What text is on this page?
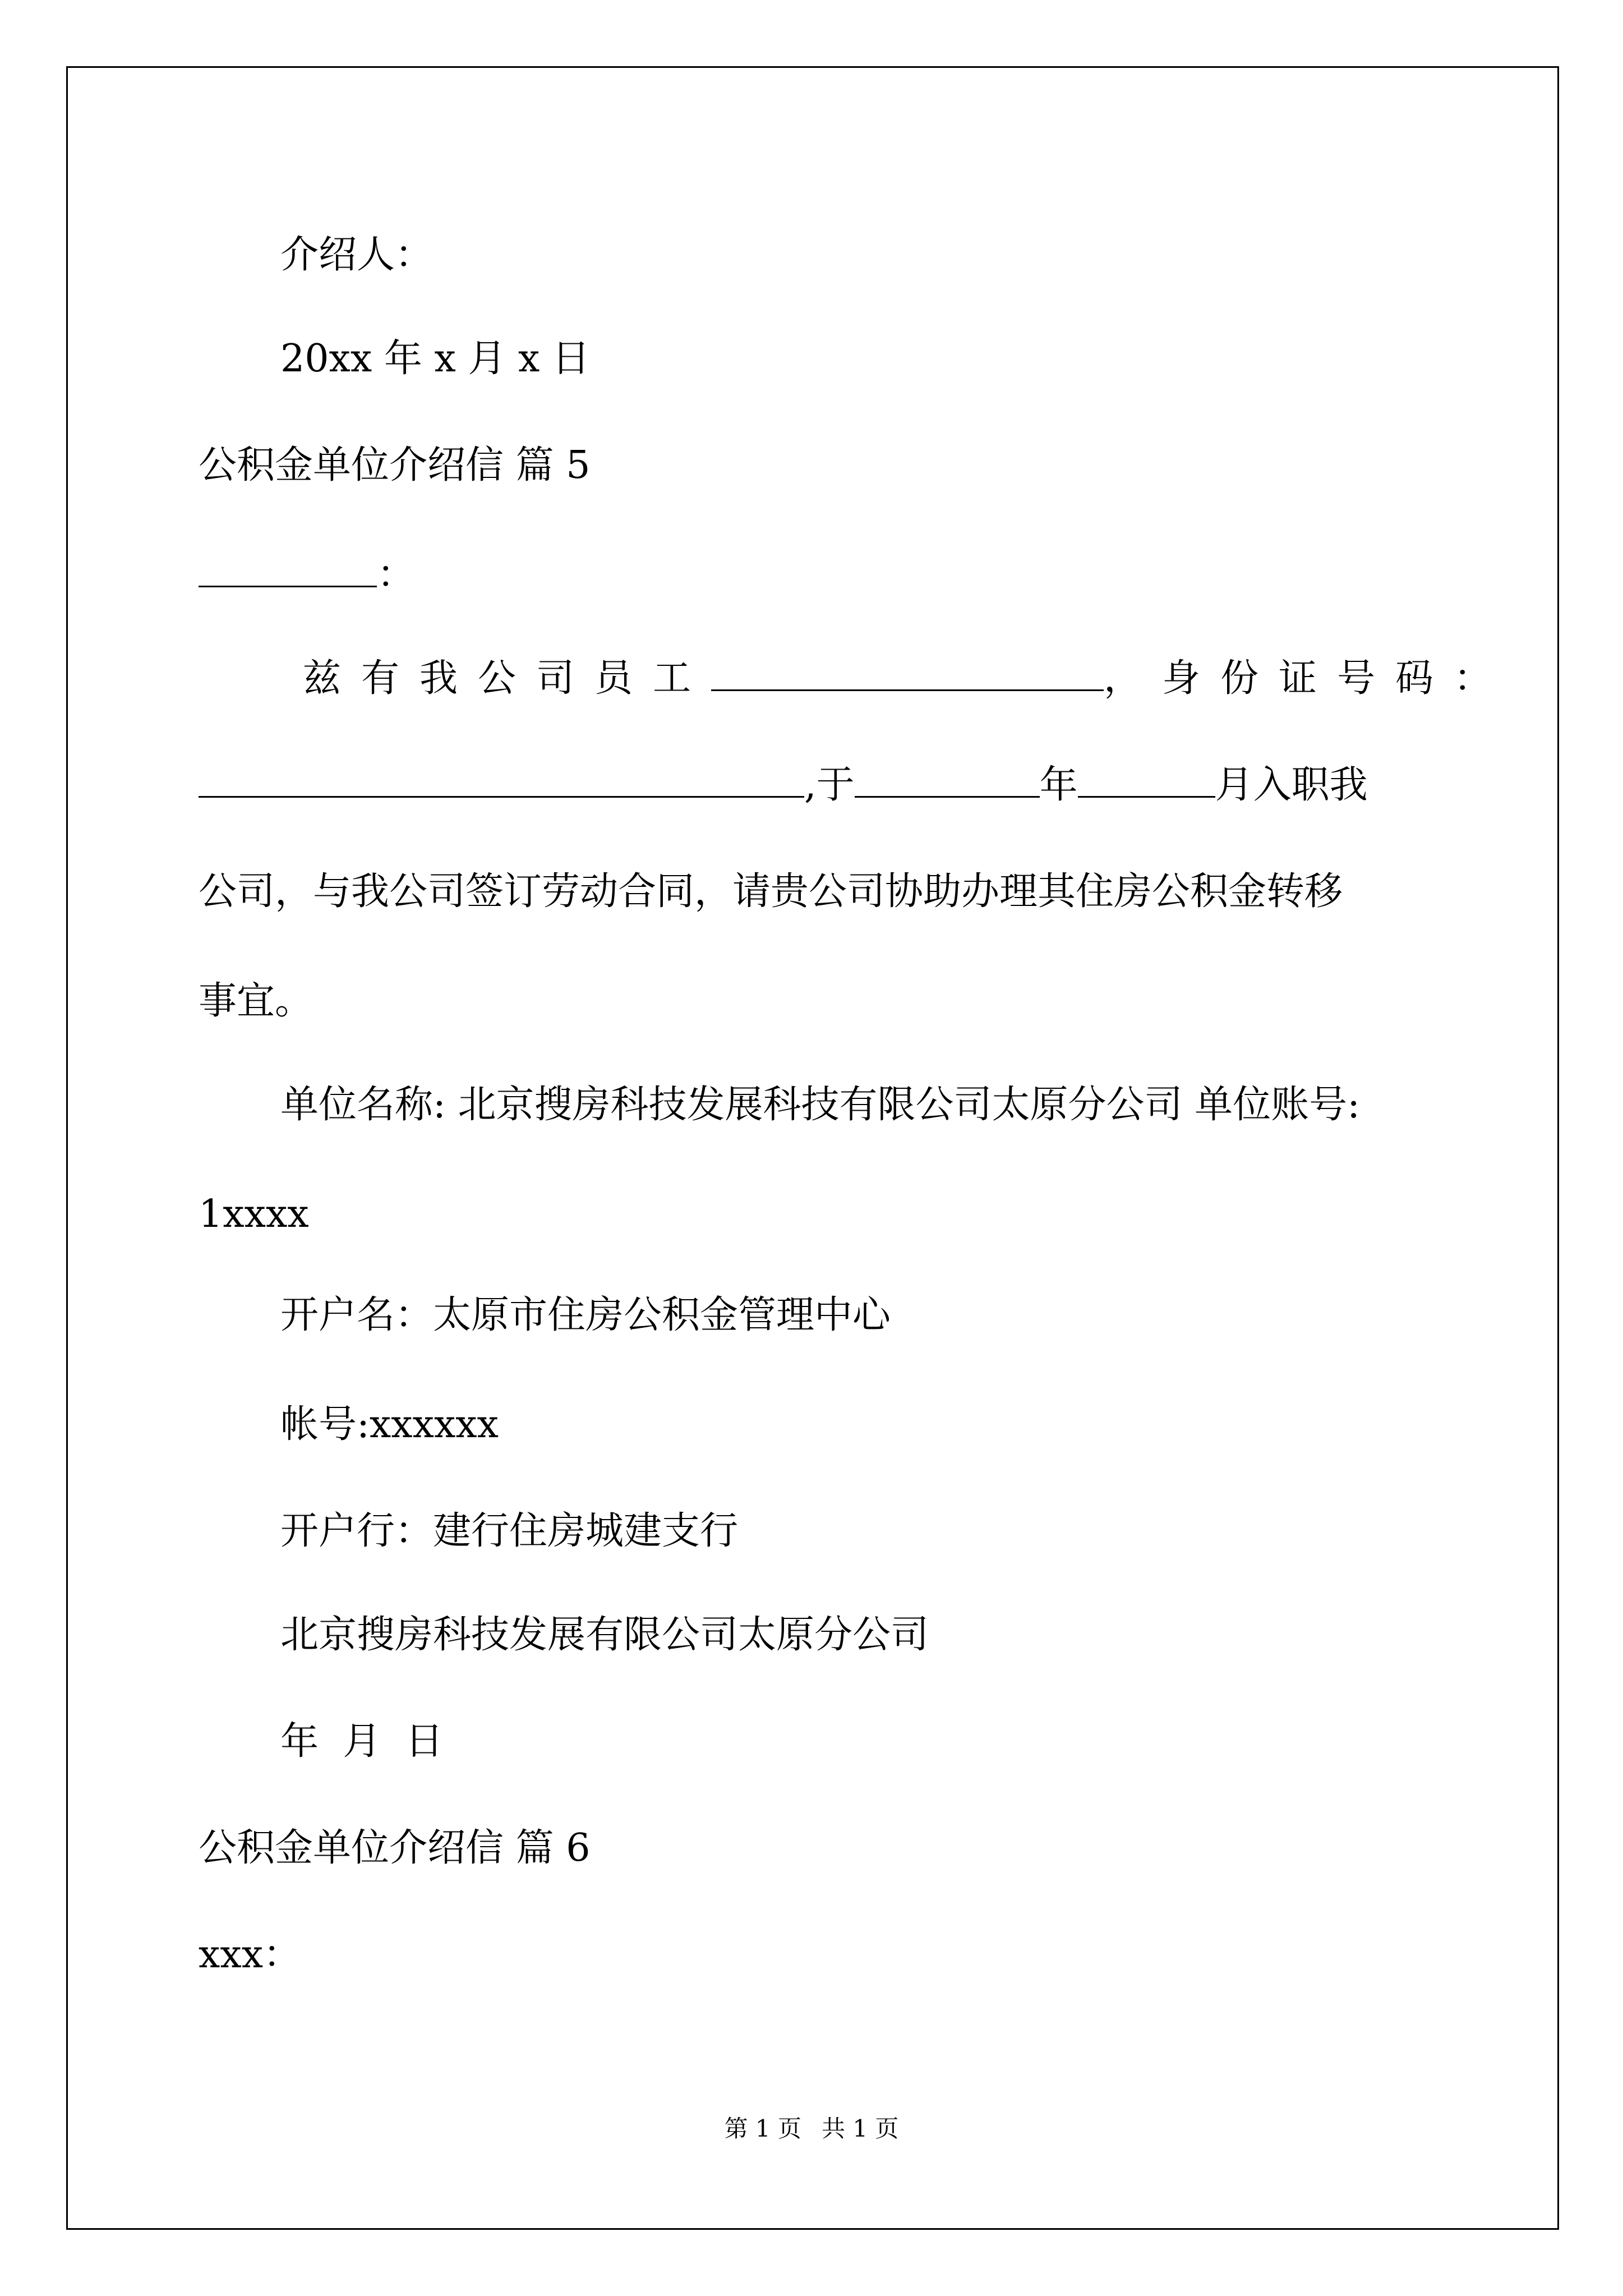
介绍人：
20xx 年 x 月 x 日
公积金单位介绍信 篇 5
：
兹有我公司员工	，身份证号码：
,于	年	月入职我
公司，与我公司签订劳动合同，请贵公司协助办理其住房公积金转移
事宜。
单位名称: 北京搜房科技发展科技有限公司太原分公司 单位账号:
1xxxx
开户名：太原市住房公积金管理中心
帐号:xxxxxx
开户行：建行住房城建支行
北京搜房科技发展有限公司太原分公司
年  月  日
公积金单位介绍信 篇 6
xxx：
第 1 页 共 1 页
